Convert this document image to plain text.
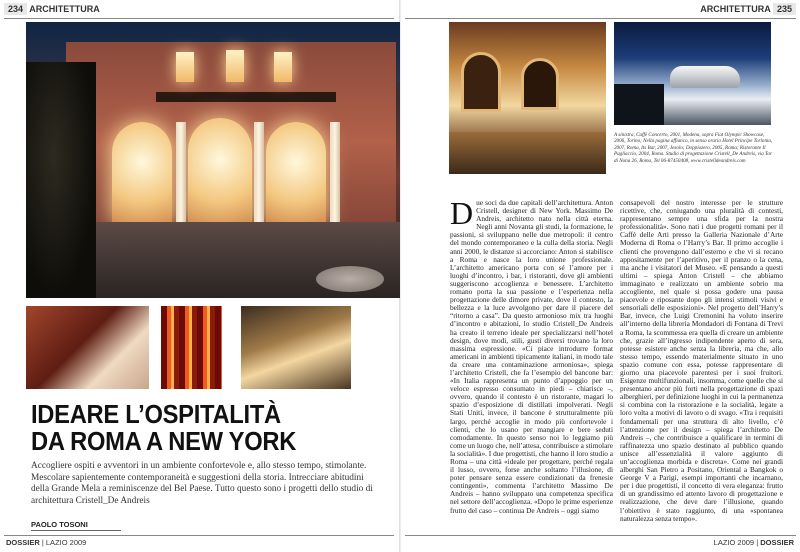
234 ARCHITETTURA	ARCHITETTURA 235
IDEARE L’OSPITALITÀ
DA ROMA A NEW YORK

Accogliere ospiti e avventori in un ambiente confortevole e, allo stesso tempo, stimolante. Mescolare sapientemente contemporaneità e suggestioni della storia. Intrecciare abitudini della Grande Mela a reminiscenze del Bel Paese. Tutto questo sono i progetti dello studio di architettura Cristell_De Andreis

PAOLO TOSONI

A sinistra, Caffè Concerto, 2001, Modena, sopra Fiat Olympic Showcase, 2006, Torino; Nella pagina affianco, in senso orario Hotel Principe Torlonia, 2007, Roma, Its Bar, 2007, Jesolo; Doppiozero, 2005, Roma; Ristorante Il Pagliaccio, 2004, Roma. Studio di progettazione Cristell_De Andreis, via Tor di Nona 26, Roma, Tel 06-87450408, www.cristelldeandreis.com

D ue soci da due capitali dell’architettura. Anton Cristell, designer di New York. Massimo De Andreis, architetto nato nella città eterna. Negli anni Novanta gli studi, la formazione, le passioni, si sviluppano nelle due metropoli: il centro del mondo contemporaneo e la culla della storia. Negli anni 2000, le distanze si accorciano: Anton si stabilisce a Roma e nasce la loro unione professionale. L’architetto americano porta con sé l’amore per i luoghi d’incontro, i bar, i ristoranti, dove gli ambienti suggeriscono accoglienza e benessere. L’architetto romano porta la sua passione e l’esperienza nella progettazione delle dimore private, dove il contesto, la bellezza e la luce avvolgono per dare il piacere del “ritorno a casa”. Da questo armonioso mix tra luoghi d’incontro e abitazioni, lo studio Cristell_De Andreis ha creato il terreno ideale per specializzarsi nell’hotel design, dove modi, stili, gusti diversi trovano la loro massima espressione. «Ci piace introdurre format americani in ambienti tipicamente italiani, in modo tale da creare una contaminazione armoniosa», spiega l’architetto Cristell, che fa l’esempio del bancone bar: «In Italia rappresenta un punto d’appoggio per un veloce espresso consumato in piedi – chiarisce –, ovvero, quando il contesto è un ristorante, magari lo spazio d’esposizione di distillati impolverati. Negli Stati Uniti, invece, il bancone è strutturalmente più largo, perché accoglie in modo più confortevole i clienti, che lo usano per mangiare e bere seduti comodamente. In questo senso noi lo leggiamo più come un luogo che, nell’attesa, contribuisce a stimolare la socialità». I due progettisti, che hanno il loro studio a Roma – una città «ideale per progettare, perché regala il lusso, ovvero, forse anche soltanto l’illusione, di poter pensare senza essere condizionati da frenesie contingenti», commenta l’architetto Massimo De Andreis – hanno sviluppato una competenza specifica nel settore dell’accoglienza. «Dopo le prime esperienze frutto del caso – continua De Andreis – oggi siamo

consapevoli del nostro interesse per le strutture ricettive, che, coniugando una pluralità di contesti, rappresentano sempre una sfida per la nostra professionalità». Sono nati i due progetti romani per il Caffè delle Arti presso la Galleria Nazionale d’Arte Moderna di Roma o l’Harry’s Bar. Il primo accoglie i clienti che provengono dall’esterno e che vi si recano appositamente per l’aperitivo, per il pranzo o la cena, ma anche i visitatori del Museo. «E pensando a questi ultimi – spiega Anton Cristell – che abbiamo immaginato e realizzato un ambiente sobrio ma accogliente, nel quale si possa godere una pausa piacevole e riposante dopo gli intensi stimoli visivi e sensoriali delle esposizioni». Nel progetto dell’Harry’s Bar, invece, che Luigi Cremonini ha voluto inserire all’interno della libreria Mondadori di Fontana di Trevi a Roma, la scommessa era quella di creare un ambiente che, grazie all’ingresso indipendente aperto di sera, potesse esistere anche senza la libreria, ma che, allo stesso tempo, essendo materialmente situato in uno spazio comune con essa, potesse rappresentare di giorno una piacevole parentesi per i suoi fruitori. Esigenze multifunzionali, insomma, come quelle che si presentano ancor più forti nella progettazione di spazi alberghieri, per definizione luoghi in cui la permanenza si combina con la ristorazione e la socialità, legate a loro volta a motivi di lavoro o di svago. «Tra i requisiti fondamentali per una struttura di alto livello, c’è l’attenzione per il design – spiega l’architetto De Andreis –, che contribuisce a qualificare in termini di raffinatezza uno spazio destinato al pubblico quando unisce all’essenzialità il valore aggiunto di un’accoglienza morbida e discreta». Come nei grandi alberghi San Pietro a Positano, Oriental a Bangkok o George V a Parigi, esempi importanti che incarnano, per i due progettisti, il concetto di vera eleganza: frutto di un grandissimo ed attento lavoro di progettazione e realizzazione, che deve dare l’illusione, quando l’obiettivo è stato raggiunto, di una «spontanea naturalezza senza tempo».

DOSSIER | LAZIO 2009	LAZIO 2009 | DOSSIER
